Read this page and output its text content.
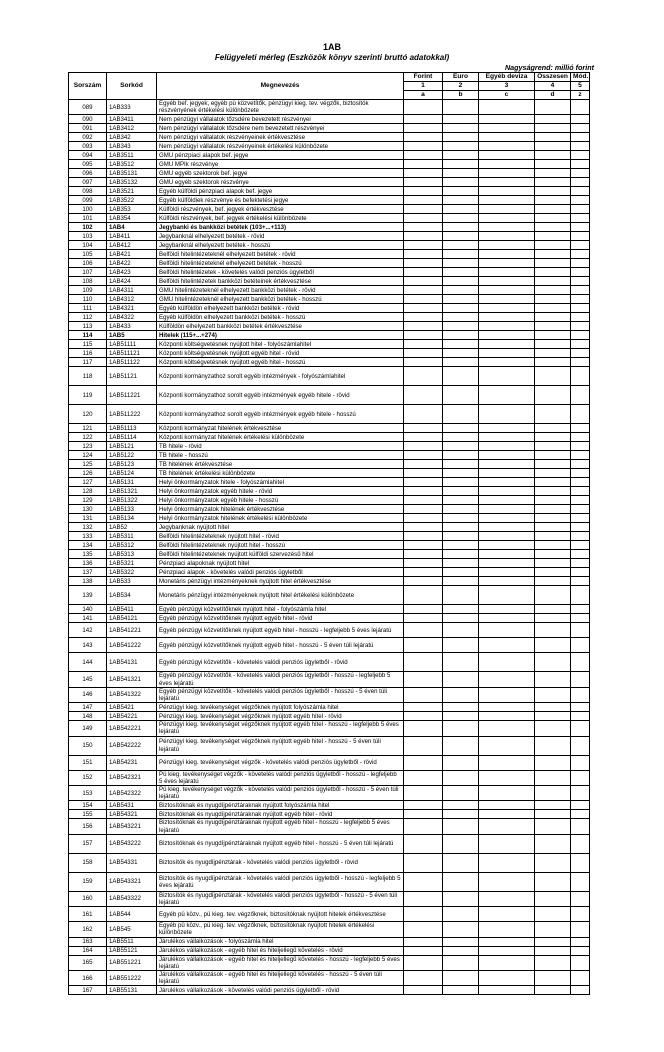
1AB
Felügyeleti mérleg (Eszközök könyv szerinti bruttó adatokkal)
Nagyságrend: millió forint
Sorszám	Sorkód	Megnevezés	Forint	Euro	Egyéb deviza	Összesen	Mód.
			1	2	3	4	5
			a	b	c	d	z
089	1AB333	Egyéb bef. jegyek, egyéb pü közvetítők, pénzügyi kieg. tev. végzők, biztosítók részvényének értékelési különbözete					
090	1AB3411	Nem pénzügyi vállalatok tőzsdére bevezetett részvényei					
091	1AB3412	Nem pénzügyi vállalatok tőzsdére nem bevezetett részvényei					
092	1AB342	Nem pénzügyi vállalatok részvényeinek értékvesztése					
093	1AB343	Nem pénzügyi vállalatok részvényeinek értékelési különbözete					
094	1AB3511	GMU pénzpiaci alapok bef. jegye					
095	1AB3512	GMU MPIk részvénye					
096	1AB35131	GMU egyéb szektorok bef. jegye					
097	1AB35132	GMU egyéb szektorok részvénye					
098	1AB3521	Egyéb külföldi pénzpiaci alapok bef. jegye					
099	1AB3522	Egyéb külföldiek részvénye és befektetési jegye					
100	1AB353	Külföldi részvények, bef. jegyek értékvesztése					
101	1AB354	Külföldi részvények, bef. jegyek értékelési különbözete					
102	1AB4	Jegybanki és bankközi betétek (103+...+113)					
103	1AB411	Jegybanknál elhelyezett betétek - rövid					
104	1AB412	Jegybanknál elhelyezett betétek - hosszú					
105	1AB421	Belföldi hitelintézeteknél elhelyezett betétek - rövid					
106	1AB422	Belföldi hitelintézeteknél elhelyezett betétek - hosszú					
107	1AB423	Belföldi hitelintézetek - követelés valódi penziós ügyletből					
108	1AB424	Belföldi hitelintézetek bankközi betéteinek értékvesztése					
109	1AB4311	GMU hitelintézeteknél elhelyezett bankközi betétek - rövid					
110	1AB4312	GMU hitelintézeteknél elhelyezett bankközi betétek - hosszú					
111	1AB4321	Egyéb külföldön elhelyezett bankközi betétek - rövid					
112	1AB4322	Egyéb külföldön elhelyezett bankközi betétek - hosszú					
113	1AB433	Külföldön elhelyezett bankközi betétek értékvesztése					
114	1AB5	Hitelek (115+...+274)					
115	1AB51111	Központi költségvetésnek nyújtott hitel - folyószámlahitel					
116	1AB511121	Központi költségvetésnek nyújtott egyéb hitel - rövid					
117	1AB511122	Központi költségvetésnek nyújtott egyéb hitel - hosszú					
118	1AB51121	Központi kormányzathoz sorolt egyéb intézmények - folyószámlahitel					
119	1AB511221	Központi kormányzathoz sorolt egyéb intézmények egyéb hitele - rövid					
120	1AB511222	Központi kormányzathoz sorolt egyéb intézmények egyéb hitele - hosszú					
121	1AB51113	Központi kormányzat hitelének értékvesztése					
122	1AB51114	Központi kormányzat hitelének értékelési különbözete					
123	1AB5121	TB hitele - rövid					
124	1AB5122	TB hitele - hosszú					
125	1AB5123	TB hitelének értékvesztése					
126	1AB5124	TB hitelének értékelési különbözete					
127	1AB5131	Helyi önkormányzatok hitele - folyószámlahitel					
128	1AB51321	Helyi önkormányzatok egyéb hitele - rövid					
129	1AB51322	Helyi önkormányzatok egyéb hitele - hosszú					
130	1AB5133	Helyi önkormányzatok hitelének értékvesztése					
131	1AB5134	Helyi önkormányzatok hitelének értékelési különbözete					
132	1AB52	Jegybanknak nyújtott hitel					
133	1AB5311	Belföldi hitelintézeteknek nyújtott hitel - rövid					
134	1AB5312	Belföldi hitelintézeteknek nyújtott hitel - hosszú					
135	1AB5313	Belföldi hitelintézeteknek nyújtott külföldi szervezésű hitel					
136	1AB5321	Pénzpiaci alapoknak nyújtott hitel					
137	1AB5322	Pénzpiaci alapok - követelés valódi penziós ügyletből					
138	1AB533	Monetáris pénzügyi intézményeknek nyújtott hitel értékvesztése					
139	1AB534	Monetáris pénzügyi intézményeknek nyújtott hitel értékelési különbözete					
140	1AB5411	Egyéb pénzügyi közvetítőknek nyújtott hitel - folyószámla hitel					
141	1AB54121	Egyéb pénzügyi közvetítőknek nyújtott egyéb hitel - rövid					
142	1AB541221	Egyéb pénzügyi közvetítőknek nyújtott egyéb hitel - hosszú - legfeljebb 5 éves lejáratú					
143	1AB541222	Egyéb pénzügyi közvetítőknek nyújtott egyéb hitel - hosszú - 5 éven túli lejáratú					
144	1AB54131	Egyéb pénzügyi közvetítők - követelés valódi penziós ügyletből - rövid					
145	1AB541321	Egyéb pénzügyi közvetítők - követelés valódi penziós ügyletből - hosszú - legfeljebb 5 éves lejáratú					
146	1AB541322	Egyéb pénzügyi közvetítők - követelés valódi penziós ügyletből - hosszú - 5 éven túli lejáratú					
147	1AB5421	Pénzügyi kieg. tevékenységet végzőknek nyújtott folyószámla hitel					
148	1AB54221	Pénzügyi kieg. tevékenységet végzőknek nyújtott egyéb hitel - rövid					
149	1AB542221	Pénzügyi kieg. tevékenységet végzőknek nyújtott egyéb hitel - hosszú - legfeljebb 5 éves lejáratú					
150	1AB542222	Pénzügyi kieg. tevékenységet végzőknek nyújtott egyéb hitel - hosszú - 5 éven túli lejáratú					
151	1AB54231	Pénzügyi kieg. tevékenységet végzők - követelés valódi penziós ügyletből - rövid					
152	1AB542321	Pü kieg. tevékenységet végzők - követelés valódi penziós ügyletből - hosszú - legfeljebb 5 éves lejáratú					
153	1AB542322	Pü kieg. tevékenységet végzők - követelés valódi penziós ügyletből - hosszú - 5 éven túli lejáratú					
154	1AB5431	Biztosítóknak és nyugdíjpénztáraknak nyújtott folyószámla hitel					
155	1AB54321	Biztosítóknak és nyugdíjpénztáraknak nyújtott egyéb hitel - rövid					
156	1AB543221	Biztosítóknak és nyugdíjpénztáraknak nyújtott egyéb hitel - hosszú - legfeljebb 5 éves lejáratú					
157	1AB543222	Biztosítóknak és nyugdíjpénztáraknak nyújtott egyéb hitel - hosszú - 5 éven túli lejáratú					
158	1AB54331	Biztosítók és nyugdíjpénztárak - követelés valódi penziós ügyletből - rövid					
159	1AB543321	Biztosítók és nyugdíjpénztárak - követelés valódi penziós ügyletből - hosszú - legfeljebb 5 éves lejáratú					
160	1AB543322	Biztosítók és nyugdíjpénztárak - követelés valódi penziós ügyletből - hosszú - 5 éven túli lejáratú					
161	1AB544	Egyéb pü közv., pü kieg. tev. végzőknek, biztosítóknak nyújtott hitelek értékvesztése					
162	1AB545	Egyéb pü közv., pü kieg. tev. végzőknek, biztosítóknak nyújtott hitelek értékelési különbözete					
163	1AB5511	Járulékos vállalkozások - folyószámla hitel					
164	1AB55121	Járulékos vállalkozások - egyéb hitel és hiteljellegű követelés - rövid					
165	1AB551221	Járulékos vállalkozások - egyéb hitel és hiteljellegű követelés - hosszú - legfeljebb 5 éves lejáratú					
166	1AB551222	Járulékos vállalkozások - egyéb hitel és hiteljellegű követelés - hosszú - 5 éven túli lejáratú					
167	1AB55131	Járulékos vállalkozások - követelés valódi penziós ügyletből - rövid					
